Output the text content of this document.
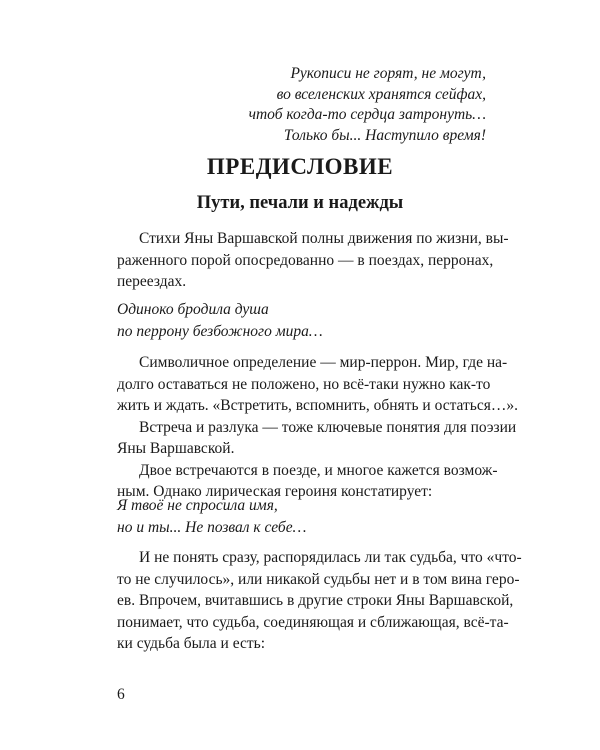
Рукописи не горят, не могут,
во вселенских хранятся сейфах,
чтоб когда-то сердца затронуть…
Только бы... Наступило время!
ПРЕДИСЛОВИЕ
Пути, печали и надежды
Стихи Яны Варшавской полны движения по жизни, вы-
раженного порой опосредованно — в поездах, перронах,
переездах.
Одиноко бродила душа
по перрону безбожного мира…
Символичное определение — мир-перрон. Мир, где на-
долго оставаться не положено, но всё-таки нужно как-то
жить и ждать. «Встретить, вспомнить, обнять и остаться…».
Встреча и разлука — тоже ключевые понятия для поэзии
Яны Варшавской.
Двое встречаются в поезде, и многое кажется возмож-
ным. Однако лирическая героиня констатирует:
Я твоё не спросила имя,
но и ты... Не позвал к себе…
И не понять сразу, распорядилась ли так судьба, что «что-
то не случилось», или никакой судьбы нет и в том вина геро-
ев. Впрочем, вчитавшись в другие строки Яны Варшавской,
понимает, что судьба, соединяющая и сближающая, всё-та-
ки судьба была и есть:
6
